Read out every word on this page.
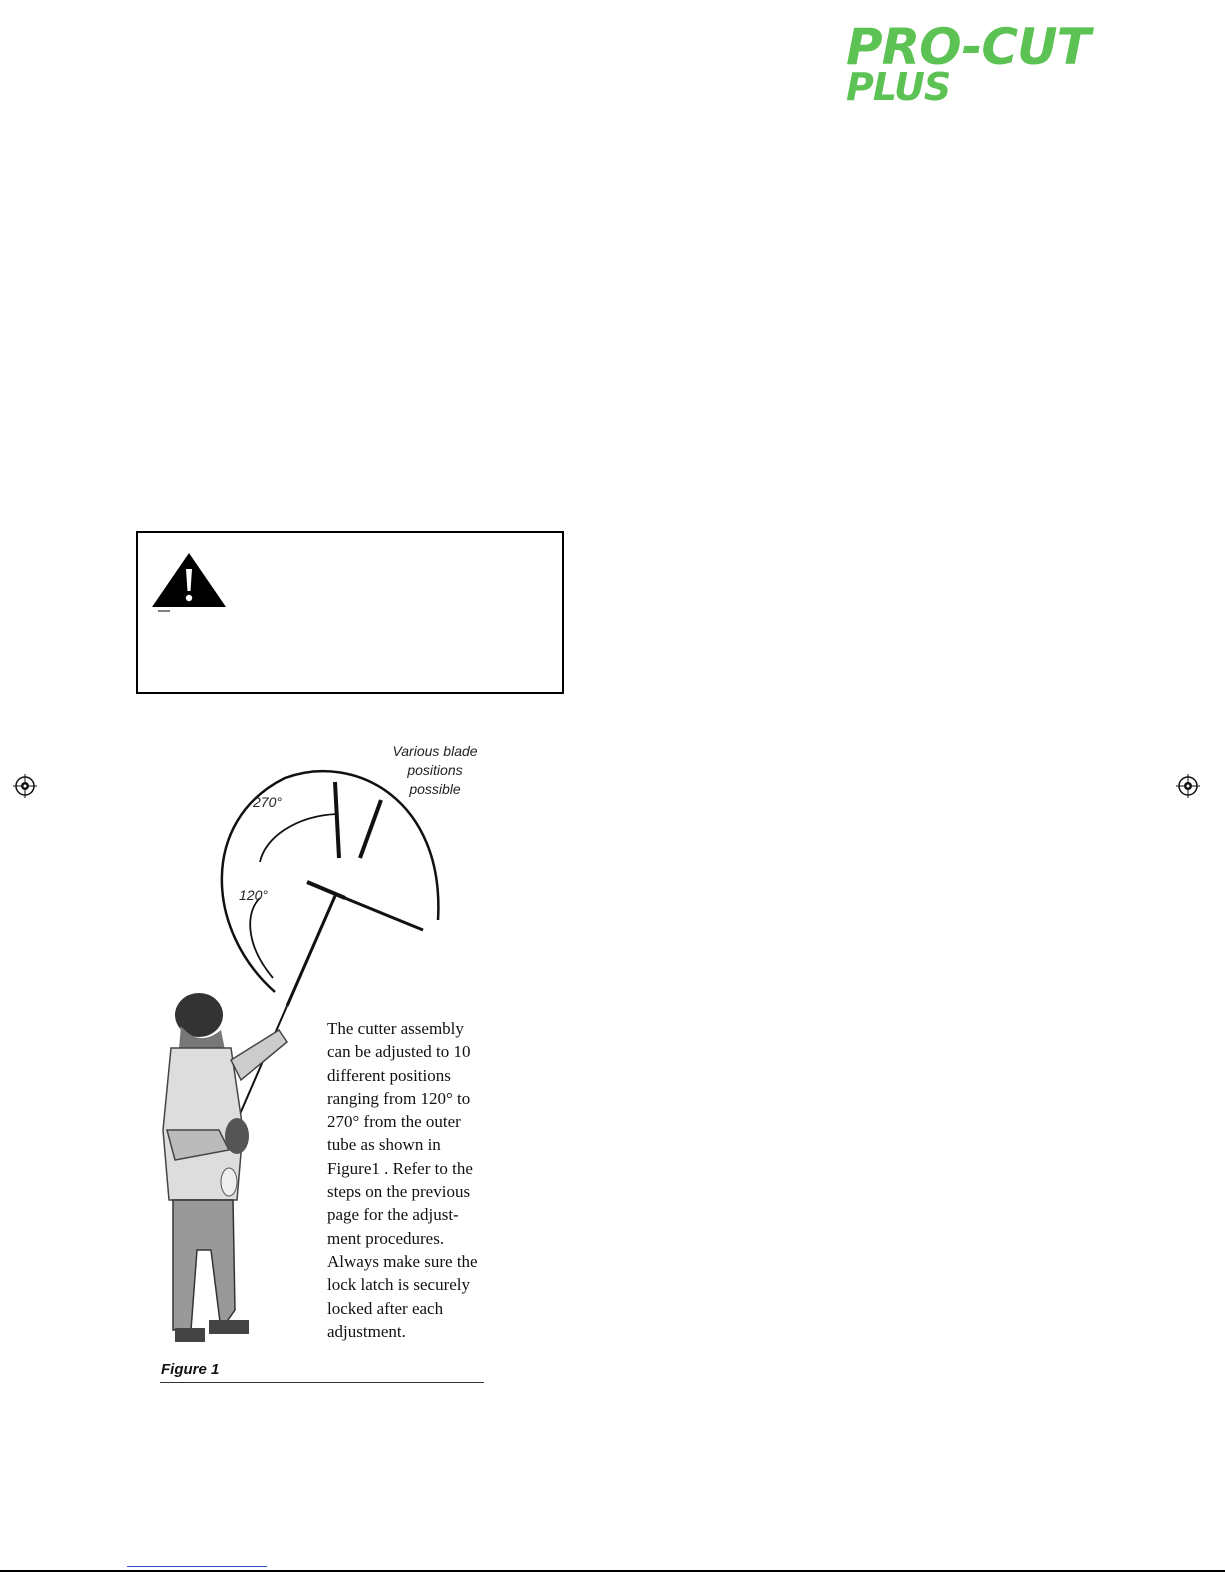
PRO-CUT
PLUS
Various blade
positions
possible
270°
120°
The cutter assembly
can be adjusted to 10
different positions
ranging from 120° to
270° from the outer
tube as shown in
Figure1 . Refer to the
steps on the previous
page for the adjust-
ment procedures.
Always make sure the
lock latch is securely
locked after each
adjustment.
Figure 1
